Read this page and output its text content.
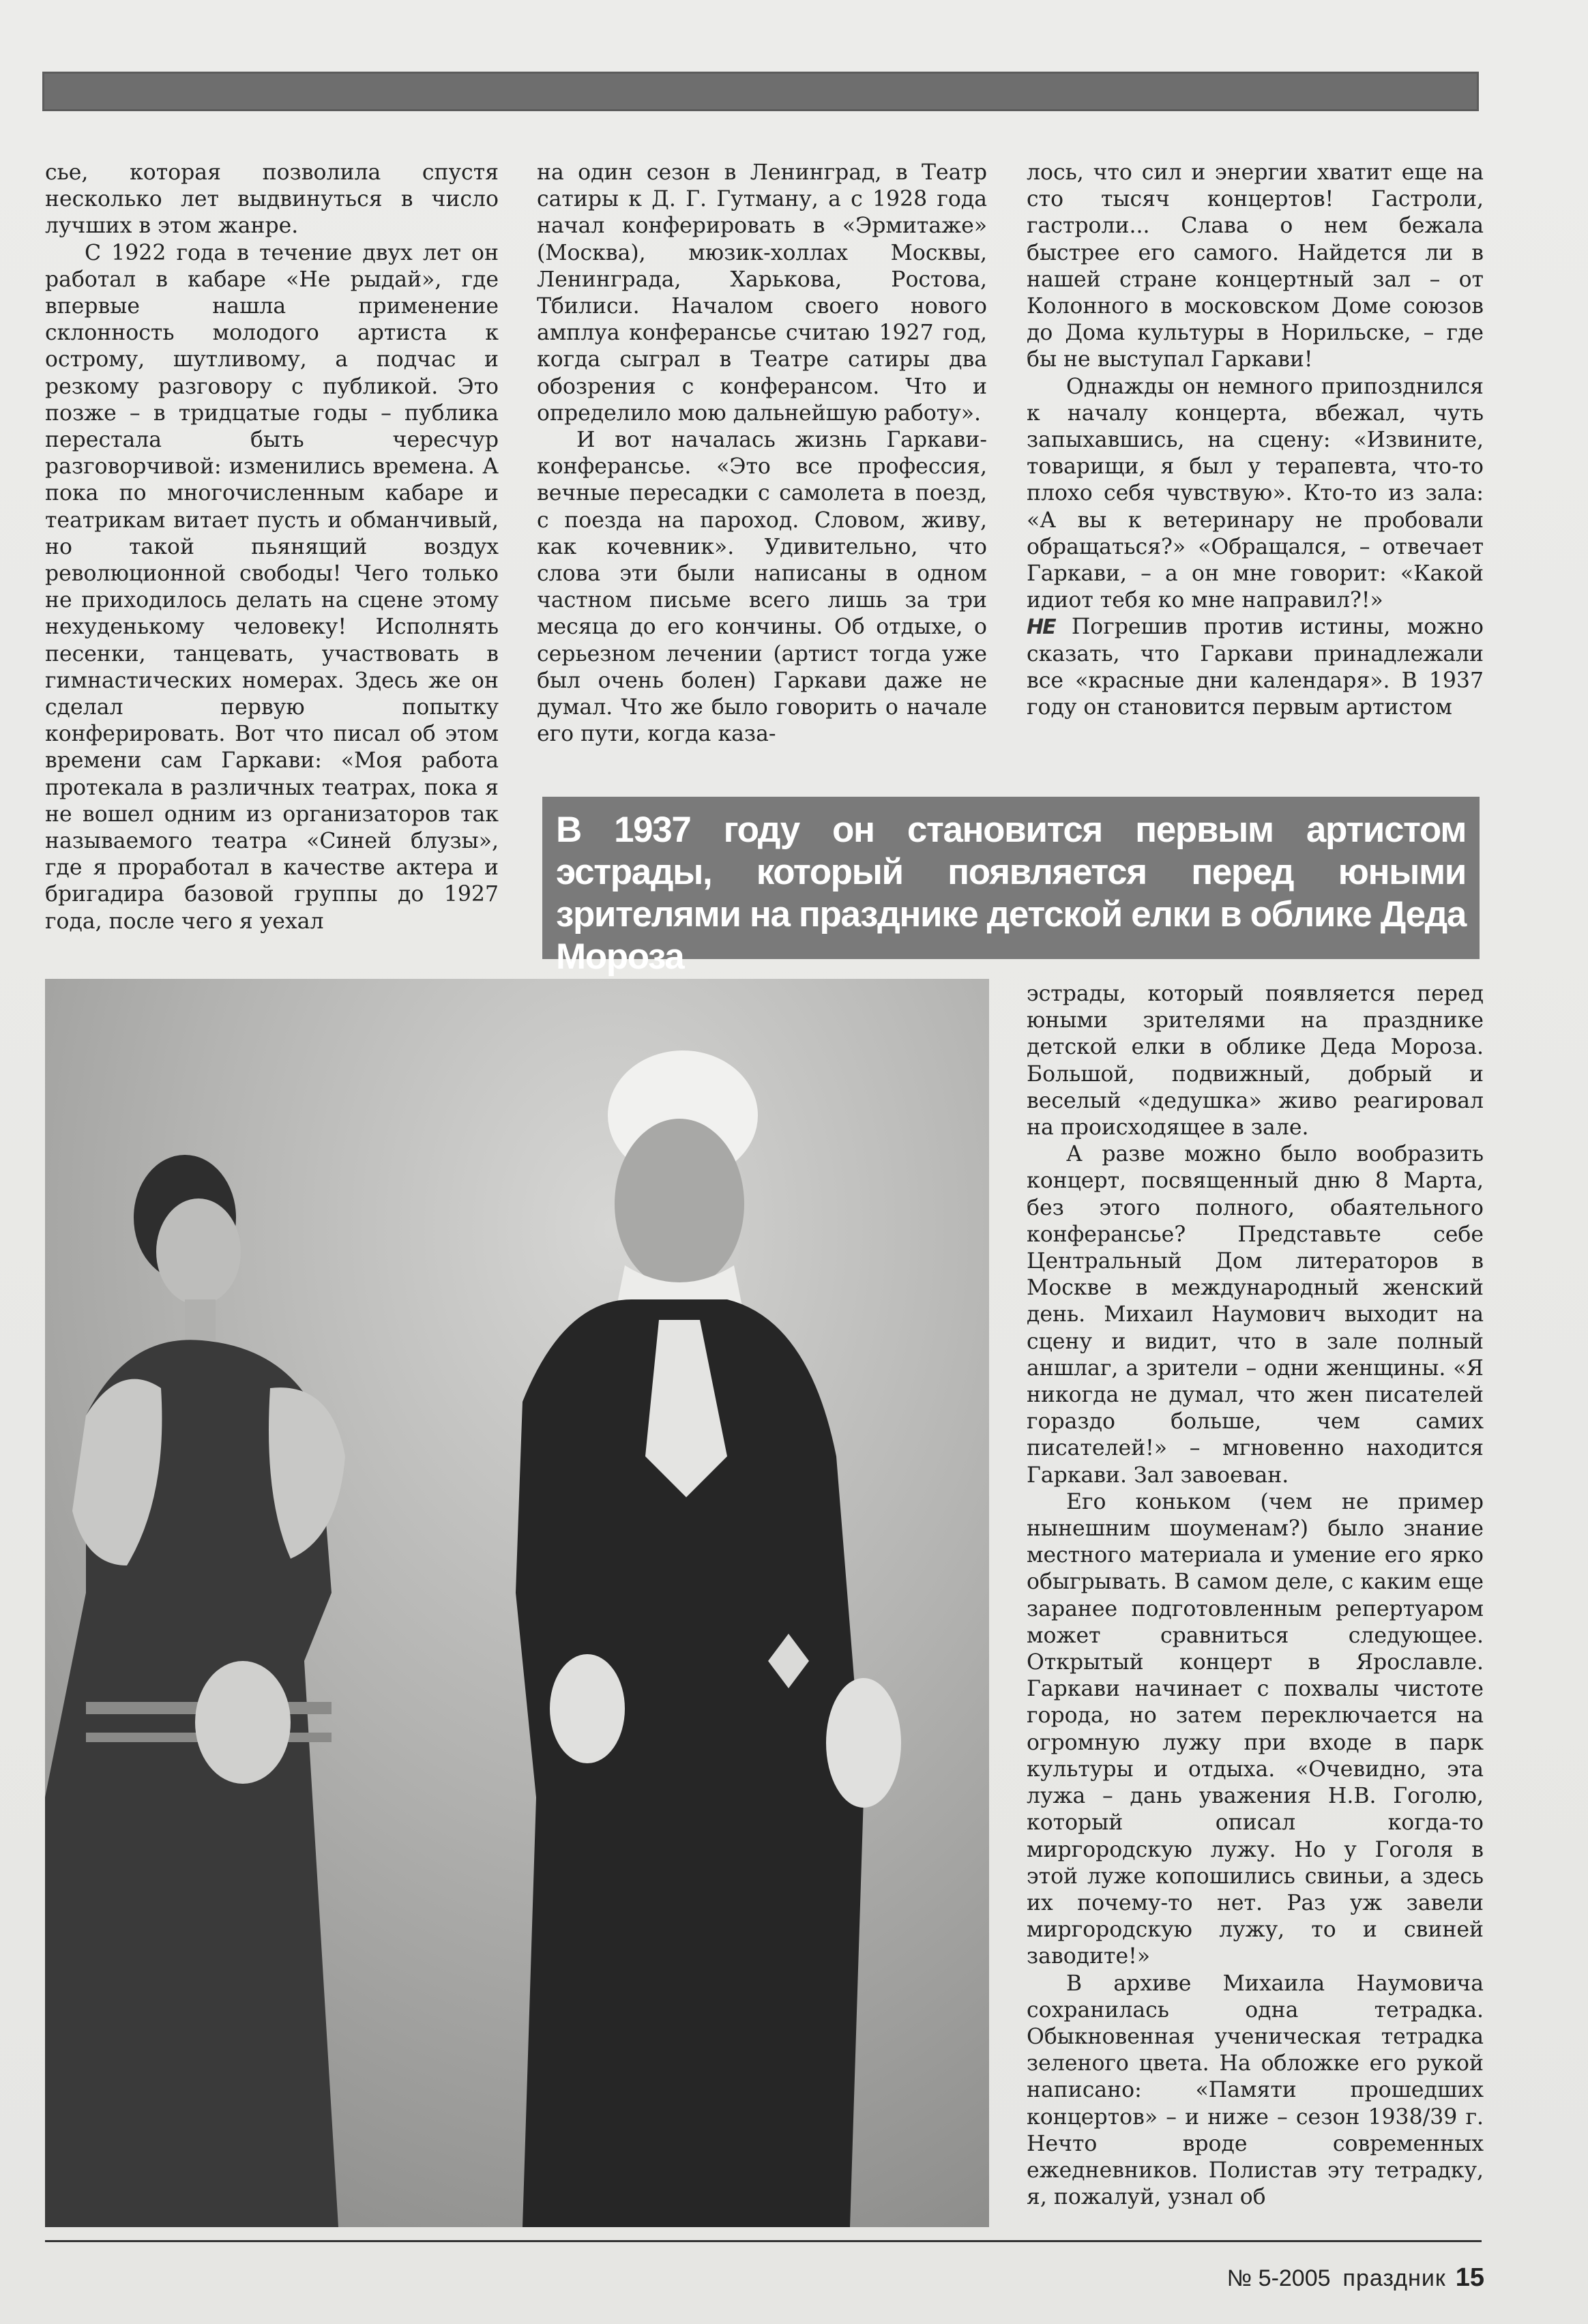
сье, которая позволила спустя несколько лет выдвинуться в число лучших в этом жанре.

С 1922 года в течение двух лет он работал в кабаре «Не рыдай», где впервые нашла применение склонность молодого артиста к острому, шутливому, а подчас и резкому разговору с публикой. Это позже – в тридцатые годы – публика перестала быть чересчур разговорчивой: изменились времена. А пока по многочисленным кабаре и театрикам витает пусть и обманчивый, но такой пьянящий воздух революционной свободы! Чего только не приходилось делать на сцене этому нехуденькому человеку! Исполнять песенки, танцевать, участвовать в гимнастических номерах. Здесь же он сделал первую попытку конферировать. Вот что писал об этом времени сам Гаркави: «Моя работа протекала в различных театрах, пока я не вошел одним из организаторов так называемого театра «Синей блузы», где я проработал в качестве актера и бригадира базовой группы до 1927 года, после чего я уехал

на один сезон в Ленинград, в Театр сатиры к Д. Г. Гутману, а с 1928 года начал конферировать в «Эрмитаже» (Москва), мюзик-холлах Москвы, Ленинграда, Харькова, Ростова, Тбилиси. Началом своего нового амплуа конферансье считаю 1927 год, когда сыграл в Театре сатиры два обозрения с конферансом. Что и определило мою дальнейшую работу».

И вот началась жизнь Гаркави-конферансье. «Это все профессия, вечные пересадки с самолета в поезд, с поезда на пароход. Словом, живу, как кочевник». Удивительно, что слова эти были написаны в одном частном письме всего лишь за три месяца до его кончины. Об отдыхе, о серьезном лечении (артист тогда уже был очень болен) Гаркави даже не думал. Что же было говорить о начале его пути, когда каза-

лось, что сил и энергии хватит еще на сто тысяч концертов! Гастроли, гастроли... Слава о нем бежала быстрее его самого. Найдется ли в нашей стране концертный зал – от Колонного в московском Доме союзов до Дома культуры в Норильске, – где бы не выступал Гаркави!

Однажды он немного припозднился к началу концерта, вбежал, чуть запыхавшись, на сцену: «Извините, товарищи, я был у терапевта, что-то плохо себя чувствую». Кто-то из зала: «А вы к ветеринару не пробовали обращаться?» «Обращался, – отвечает Гаркави, – а он мне говорит: «Какой идиот тебя ко мне направил?!»

НЕ Погрешив против истины, можно сказать, что Гаркави принадлежали все «красные дни календаря». В 1937 году он становится первым артистом

В 1937 году он становится первым артистом эстрады, который появляется перед юными зрителями на празднике детской елки в облике Деда Мороза

эстрады, который появляется перед юными зрителями на празднике детской елки в облике Деда Мороза. Большой, подвижный, добрый и веселый «дедушка» живо реагировал на происходящее в зале.

А разве можно было вообразить концерт, посвященный дню 8 Марта, без этого полного, обаятельного конферансье? Представьте себе Центральный Дом литераторов в Москве в международный женский день. Михаил Наумович выходит на сцену и видит, что в зале полный аншлаг, а зрители – одни женщины. «Я никогда не думал, что жен писателей гораздо больше, чем самих писателей!» – мгновенно находится Гаркави. Зал завоеван.

Его коньком (чем не пример нынешним шоуменам?) было знание местного материала и умение его ярко обыгрывать. В самом деле, с каким еще заранее подготовленным репертуаром может сравниться следующее. Открытый концерт в Ярославле. Гаркави начинает с похвалы чистоте города, но затем переключается на огромную лужу при входе в парк культуры и отдыха. «Очевидно, эта лужа – дань уважения Н.В. Гоголю, который описал когда-то миргородскую лужу. Но у Гоголя в этой луже копошились свиньи, а здесь их почему-то нет. Раз уж завели миргородскую лужу, то и свиней заводите!»

В архиве Михаила Наумовича сохранилась одна тетрадка. Обыкновенная ученическая тетрадка зеленого цвета. На обложке его рукой написано: «Памяти прошедших концертов» – и ниже – сезон 1938/39 г. Нечто вроде современных ежедневников. Полистав эту тетрадку, я, пожалуй, узнал об

№ 5-2005 праздник 15
